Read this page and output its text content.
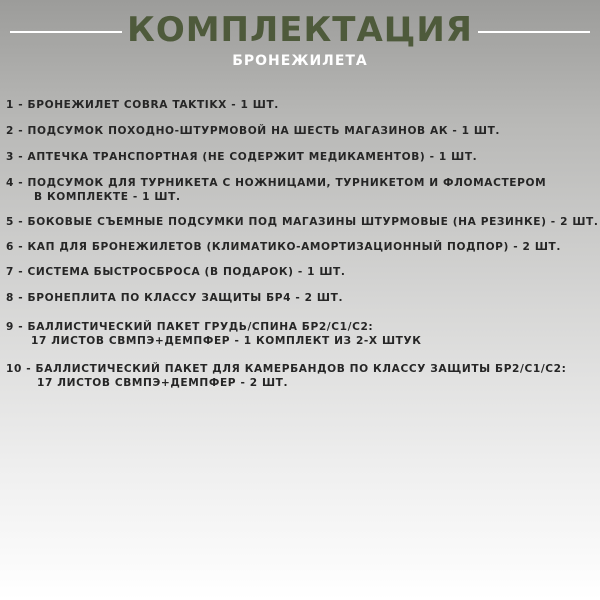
КОМПЛЕКТАЦИЯ
БРОНЕЖИЛЕТА
1 - БРОНЕЖИЛЕТ COBRA TAKTIKX - 1 ШТ.
2 - ПОДСУМОК ПОХОДНО-ШТУРМОВОЙ НА ШЕСТЬ МАГАЗИНОВ АК - 1 ШТ.
3 - АПТЕЧКА ТРАНСПОРТНАЯ (НЕ СОДЕРЖИТ МЕДИКАМЕНТОВ) - 1 ШТ.
4 - ПОДСУМОК ДЛЯ ТУРНИКЕТА С НОЖНИЦАМИ, ТУРНИКЕТОМ И ФЛОМАСТЕРОМ
В КОМПЛЕКТЕ - 1 ШТ.
5 - БОКОВЫЕ СЪЕМНЫЕ ПОДСУМКИ ПОД МАГАЗИНЫ ШТУРМОВЫЕ (НА РЕЗИНКЕ) - 2 ШТ.
6 - КАП ДЛЯ БРОНЕЖИЛЕТОВ (КЛИМАТИКО-АМОРТИЗАЦИОННЫЙ ПОДПОР) - 2 ШТ.
7 - СИСТЕМА БЫСТРОСБРОСА (В ПОДАРОК) - 1 ШТ.
8 - БРОНЕПЛИТА ПО КЛАССУ ЗАЩИТЫ БР4 - 2 ШТ.
9 - БАЛЛИСТИЧЕСКИЙ ПАКЕТ ГРУДЬ/СПИНА БР2/С1/С2:
17 ЛИСТОВ СВМПЭ+ДЕМПФЕР - 1 КОМПЛЕКТ ИЗ 2-Х ШТУК
10 - БАЛЛИСТИЧЕСКИЙ ПАКЕТ ДЛЯ КАМЕРБАНДОВ ПО КЛАССУ ЗАЩИТЫ БР2/С1/С2:
17 ЛИСТОВ СВМПЭ+ДЕМПФЕР - 2 ШТ.
